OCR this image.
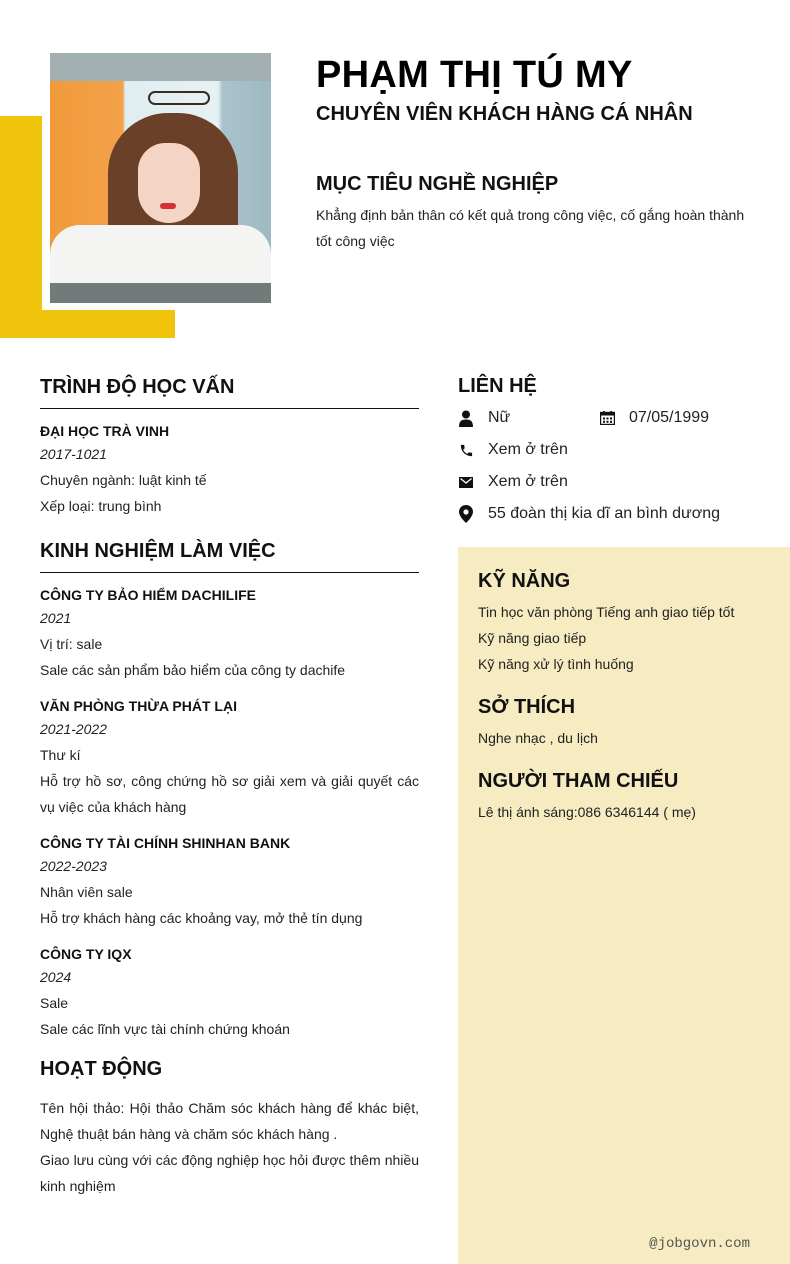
PHẠM THỊ TÚ MY
CHUYÊN VIÊN KHÁCH HÀNG CÁ NHÂN
MỤC TIÊU NGHỀ NGHIỆP
Khẳng định bản thân có kết quả trong công việc, cố gắng hoàn thành tốt công việc
TRÌNH ĐỘ HỌC VẤN
ĐẠI HỌC TRÀ VINH
2017-1021
Chuyên ngành: luật kinh tế
Xếp loại: trung bình
KINH NGHIỆM LÀM VIỆC
CÔNG TY BẢO HIỂM DACHILIFE
2021
Vị trí: sale
Sale các sản phẩm bảo hiểm của công ty dachife
VĂN PHÒNG THỪA PHÁT LẠI
2021-2022
Thư kí
Hỗ trợ hồ sơ, công chứng hồ sơ giải xem và giải quyết các vụ việc của khách hàng
CÔNG TY TÀI CHÍNH SHINHAN BANK
2022-2023
Nhân viên sale
Hỗ trợ khách hàng các khoảng vay, mở thẻ tín dụng
CÔNG TY IQX
2024
Sale
Sale các lĩnh vực tài chính chứng khoán
HOẠT ĐỘNG
Tên hội thảo: Hội thảo Chăm sóc khách hàng để khác biệt, Nghệ thuật bán hàng và chăm sóc khách hàng .
Giao lưu cùng với các động nghiệp học hỏi được thêm nhiều kinh nghiệm
LIÊN HỆ
Nữ	07/05/1999
Xem ở trên
Xem ở trên
55 đoàn thị kia dĩ an bình dương
KỸ NĂNG
Tin học văn phòng Tiếng anh giao tiếp tốt
Kỹ năng giao tiếp
Kỹ năng xử lý tình huống
SỞ THÍCH
Nghe nhạc , du lịch
NGƯỜI THAM CHIẾU
Lê thị ánh sáng:086 6346144 ( mẹ)
@jobgovn.com
